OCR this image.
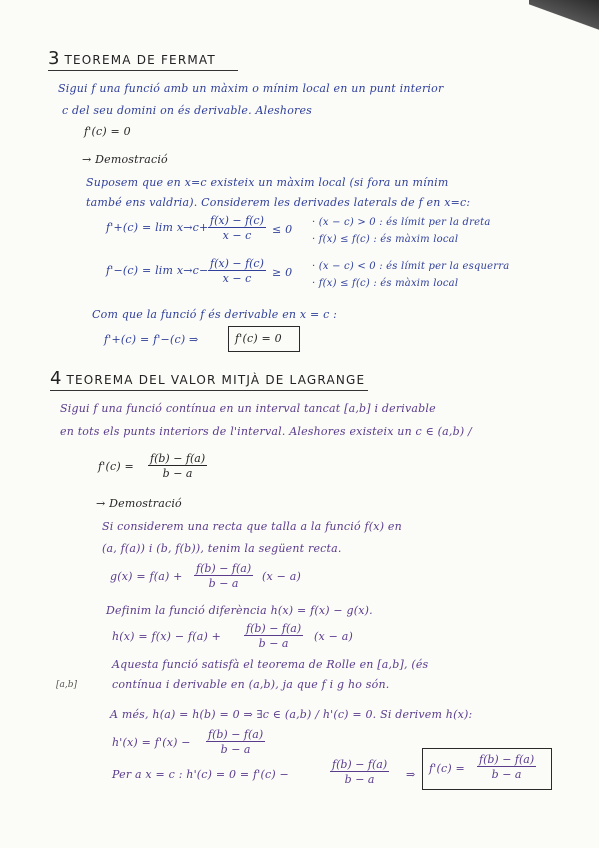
3 TEOREMA DE FERMAT
Sigui f una funció amb un màxim o mínim local en un punt interior
c del seu domini on és derivable. Aleshores
f'(c) = 0
→ Demostració
Suposem que en x=c existeix un màxim local (si fora un mínim
també ens valdria). Considerem les derivades laterals de f en x=c:
$f'+(c) = \lim x\to c+ \frac{f(x) - f(c)}{x - c} \le 0$
· (x − c) > 0 : és límit per la dreta
· f(x) ≤ f(c) : és màxim local
$f'-(c) = \lim x\to c- \frac{f(x) - f(c)}{x - c} \ge 0 \cdot (x - c) < 0$ : és límit per la esquerra
· f(x) ≤ f(c) : és màxim local
Com que la funció f és derivable en x = c :
f'+(c) = f'−(c) ⇒	f'(c) = 0
4 TEOREMA DEL VALOR MITJÀ DE LAGRANGE
Sigui f una funció contínua en un interval tancat [a,b] i derivable
en tots els punts interiors de l'interval. Aleshores existeix un c ∈ (a,b) /
$f'(c) = \frac{f(b) - f(a)}{b - a}$
→ Demostració
Si considerem una recta que talla a la funció f(x) en
(a, f(a)) i (b, f(b)), tenim la següent recta.
$g(x) = f(a) + \frac{f(b) - f(a)}{b - a} (x - a)$
Definim la funció diferència h(x) = f(x) − g(x).
$h(x) = f(x) - f(a) + \frac{f(b) - f(a)}{b - a} (x - a)$
Aquesta funció satisfà el teorema de Rolle en [a,b], (és
[a,b]	contínua i derivable en (a,b), ja que f i g ho són.
A més, h(a) = h(b) = 0 ⇒ ∃c ∈ (a,b) / h'(c) = 0. Si derivem h(x):
$h'(x) = f'(x) - \frac{f(b) - f(a)}{b - a}$
Per a x = c : h'(c) = 0 = f'(c) −	$\frac{f(b) - f(a)}{b - a}$ ⇒ $f'(c) = \frac{f(b) - f(a)}{b - a}$
